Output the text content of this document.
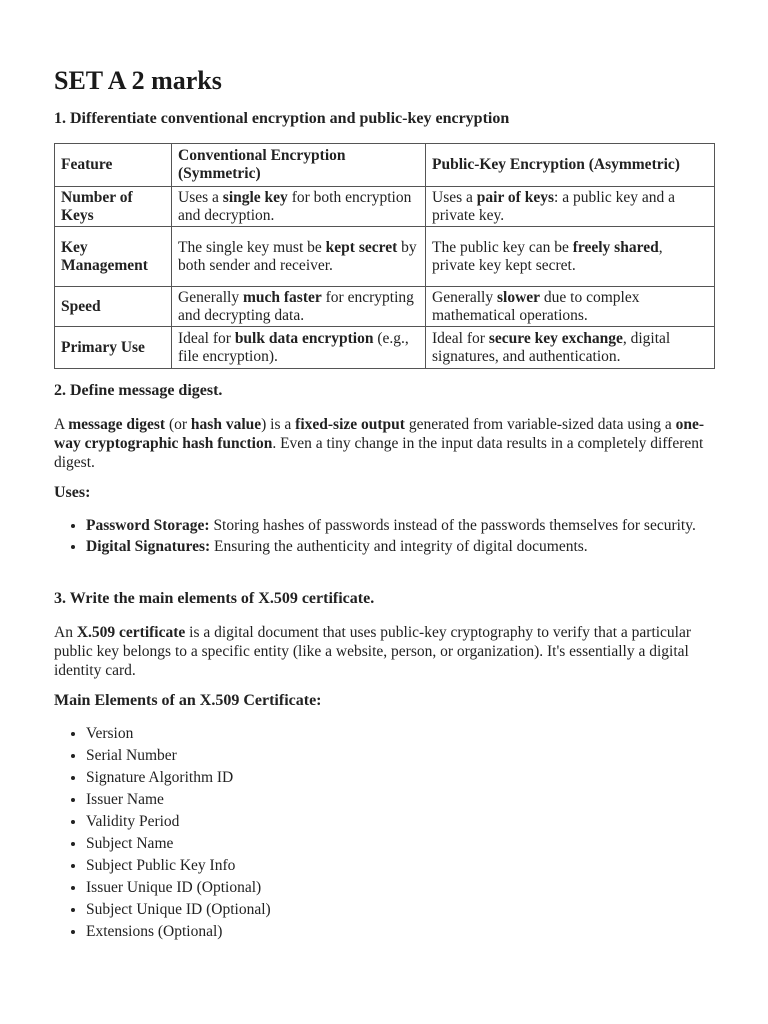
SET A 2 marks
1. Differentiate conventional encryption and public-key encryption
Feature	Conventional Encryption (Symmetric)	Public-Key Encryption (Asymmetric)
Number of Keys	Uses a single key for both encryption and decryption.	Uses a pair of keys: a public key and a private key.
Key Management	The single key must be kept secret by both sender and receiver.	The public key can be freely shared, private key kept secret.
Speed	Generally much faster for encrypting and decrypting data.	Generally slower due to complex mathematical operations.
Primary Use	Ideal for bulk data encryption (e.g., file encryption).	Ideal for secure key exchange, digital signatures, and authentication.
2. Define message digest.

A message digest (or hash value) is a fixed-size output generated from variable-sized data using a one-way cryptographic hash function. Even a tiny change in the input data results in a completely different digest.

Uses:
• Password Storage: Storing hashes of passwords instead of the passwords themselves for security.
• Digital Signatures: Ensuring the authenticity and integrity of digital documents.
3. Write the main elements of X.509 certificate.

An X.509 certificate is a digital document that uses public-key cryptography to verify that a particular public key belongs to a specific entity (like a website, person, or organization). It's essentially a digital identity card.

Main Elements of an X.509 Certificate:
• Version
• Serial Number
• Signature Algorithm ID
• Issuer Name
• Validity Period
• Subject Name
• Subject Public Key Info
• Issuer Unique ID (Optional)
• Subject Unique ID (Optional)
• Extensions (Optional)
